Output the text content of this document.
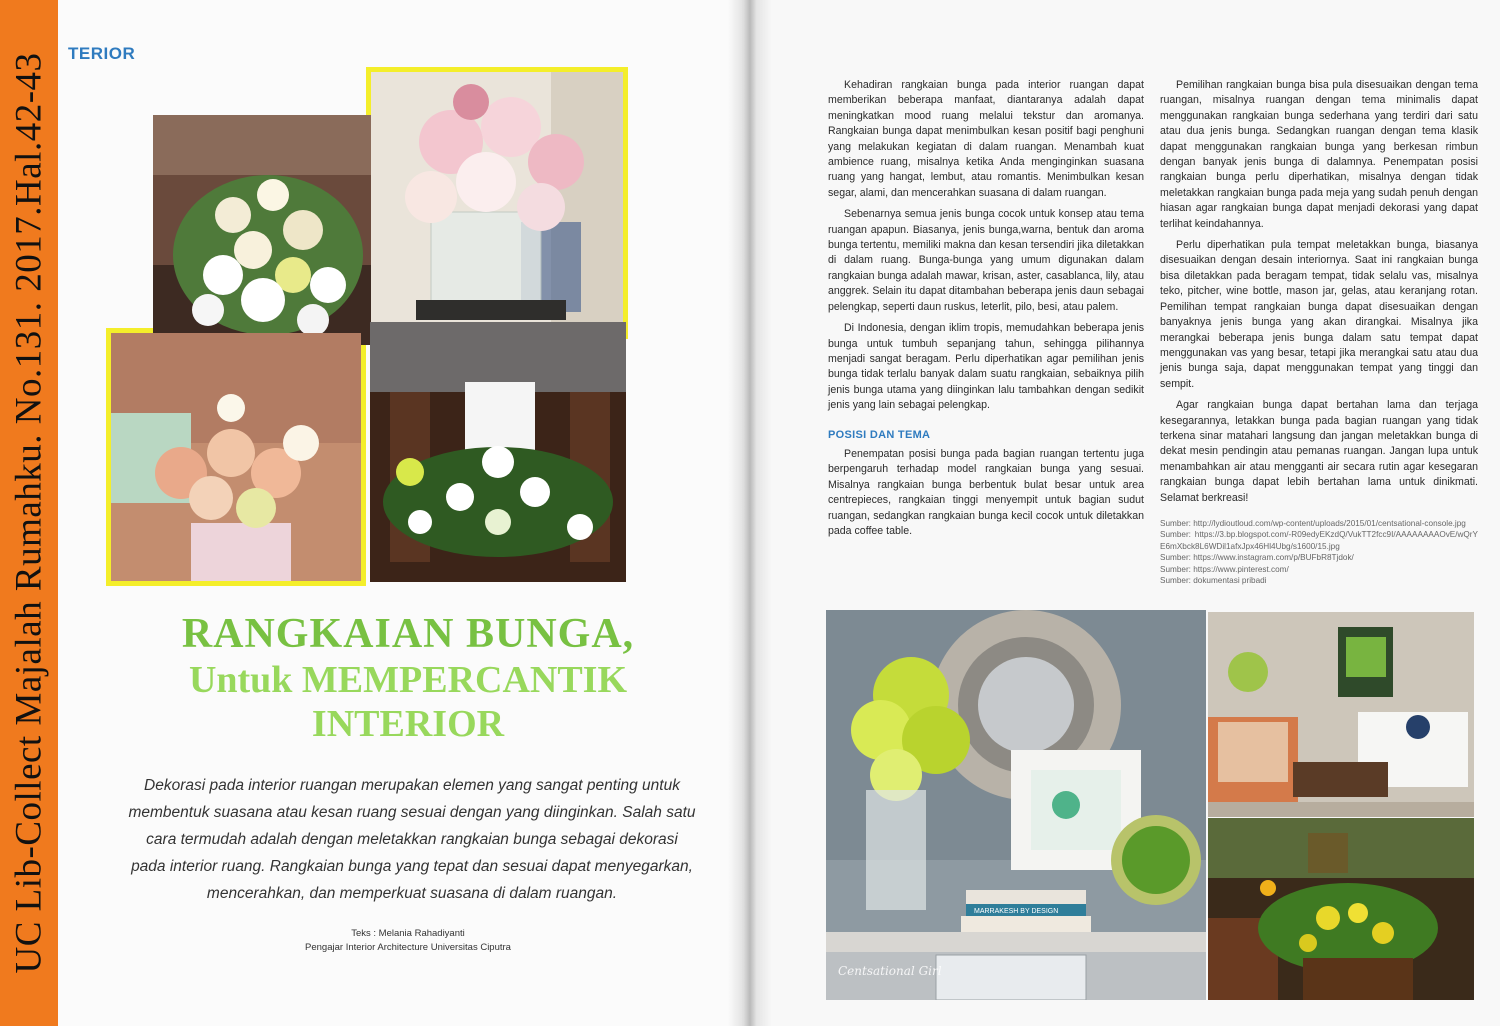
UC Lib-Collect Majalah Rumahku. No.131. 2017.Hal.42-43 TERIOR
RANGKAIAN BUNGA,
Untuk MEMPERCANTIK
INTERIOR
Dekorasi pada interior ruangan merupakan elemen yang sangat penting untuk membentuk suasana atau kesan ruang sesuai dengan yang diinginkan. Salah satu cara termudah adalah dengan meletakkan rangkaian bunga sebagai dekorasi pada interior ruang. Rangkaian bunga yang tepat dan sesuai dapat menyegarkan, mencerahkan, dan memperkuat suasana di dalam ruangan.
Teks : Melania Rahadiyanti
Pengajar Interior Architecture Universitas Ciputra

Kehadiran rangkaian bunga pada interior ruangan dapat memberikan beberapa manfaat, diantaranya adalah dapat meningkatkan mood ruang melalui tekstur dan aromanya. Rangkaian bunga dapat menimbulkan kesan positif bagi penghuni yang melakukan kegiatan di dalam ruangan. Menambah kuat ambience ruang, misalnya ketika Anda menginginkan suasana ruang yang hangat, lembut, atau romantis. Menimbulkan kesan segar, alami, dan mencerahkan suasana di dalam ruangan.

Sebenarnya semua jenis bunga cocok untuk konsep atau tema ruangan apapun. Biasanya, jenis bunga,warna, bentuk dan aroma bunga tertentu, memiliki makna dan kesan tersendiri jika diletakkan di dalam ruang. Bunga-bunga yang umum digunakan dalam rangkaian bunga adalah mawar, krisan, aster, casablanca, lily, atau anggrek. Selain itu dapat ditambahan beberapa jenis daun sebagai pelengkap, seperti daun ruskus, leterlit, pilo, besi, atau palem.

Di Indonesia, dengan iklim tropis, memudahkan beberapa jenis bunga untuk tumbuh sepanjang tahun, sehingga pilihannya menjadi sangat beragam. Perlu diperhatikan agar pemilihan jenis bunga tidak terlalu banyak dalam suatu rangkaian, sebaiknya pilih jenis bunga utama yang diinginkan lalu tambahkan dengan sedikit jenis yang lain sebagai pelengkap.

POSISI DAN TEMA

Penempatan posisi bunga pada bagian ruangan tertentu juga berpengaruh terhadap model rangkaian bunga yang sesuai. Misalnya rangkaian bunga berbentuk bulat besar untuk area centrepieces, rangkaian tinggi menyempit untuk bagian sudut ruangan, sedangkan rangkaian bunga kecil cocok untuk diletakkan pada coffee table.

Pemilihan rangkaian bunga bisa pula disesuaikan dengan tema ruangan, misalnya ruangan dengan tema minimalis dapat menggunakan rangkaian bunga sederhana yang terdiri dari satu atau dua jenis bunga. Sedangkan ruangan dengan tema klasik dapat menggunakan rangkaian bunga yang berkesan rimbun dengan banyak jenis bunga di dalamnya. Penempatan posisi rangkaian bunga perlu diperhatikan, misalnya dengan tidak meletakkan rangkaian bunga pada meja yang sudah penuh dengan hiasan agar rangkaian bunga dapat menjadi dekorasi yang dapat terlihat keindahannya.

Perlu diperhatikan pula tempat meletakkan bunga, biasanya disesuaikan dengan desain interiornya. Saat ini rangkaian bunga bisa diletakkan pada beragam tempat, tidak selalu vas, misalnya teko, pitcher, wine bottle, mason jar, gelas, atau keranjang rotan. Pemilihan tempat rangkaian bunga dapat disesuaikan dengan banyaknya jenis bunga yang akan dirangkai. Misalnya jika merangkai beberapa jenis bunga dalam satu tempat dapat menggunakan vas yang besar, tetapi jika merangkai satu atau dua jenis bunga saja, dapat menggunakan tempat yang tinggi dan sempit.

Agar rangkaian bunga dapat bertahan lama dan terjaga kesegarannya, letakkan bunga pada bagian ruangan yang tidak terkena sinar matahari langsung dan jangan meletakkan bunga di dekat mesin pendingin atau pemanas ruangan. Jangan lupa untuk menambahkan air atau mengganti air secara rutin agar kesegaran rangkaian bunga dapat lebih bertahan lama untuk dinikmati. Selamat berkreasi!

Sumber: http://lydioutloud.com/wp-content/uploads/2015/01/centsational-console.jpg
Sumber: https://3.bp.blogspot.com/-R09edyEKzdQ/VukTT2fcc9I/AAAAAAAAOvE/wQrYE6mXbck8L6WDil1afxJpx46Hl4Ubg/s1600/15.jpg
Sumber: https://www.instagram.com/p/BUFbR8Tjdok/
Sumber: https://www.pinterest.com/
Sumber: dokumentasi pribadi
MARRAKESH BY DESIGN
Centsational Girl
